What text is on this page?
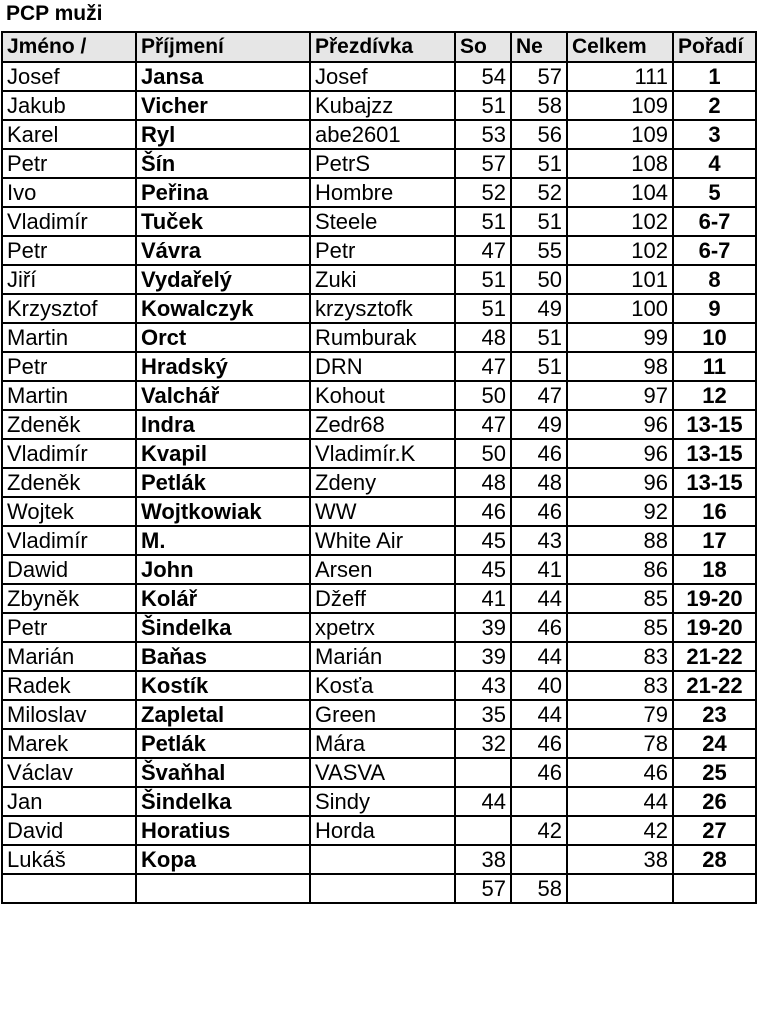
PCP muži
Jméno /	Příjmení	Přezdívka	So	Ne	Celkem	Pořadí
Josef	Jansa	Josef	54	57	111	1
Jakub	Vicher	Kubajzz	51	58	109	2
Karel	Ryl	abe2601	53	56	109	3
Petr	Šín	PetrS	57	51	108	4
Ivo	Peřina	Hombre	52	52	104	5
Vladimír	Tuček	Steele	51	51	102	6-7
Petr	Vávra	Petr	47	55	102	6-7
Jiří	Vydařelý	Zuki	51	50	101	8
Krzysztof	Kowalczyk	krzysztofk	51	49	100	9
Martin	Orct	Rumburak	48	51	99	10
Petr	Hradský	DRN	47	51	98	11
Martin	Valchář	Kohout	50	47	97	12
Zdeněk	Indra	Zedr68	47	49	96	13-15
Vladimír	Kvapil	Vladimír.K	50	46	96	13-15
Zdeněk	Petlák	Zdeny	48	48	96	13-15
Wojtek	Wojtkowiak	WW	46	46	92	16
Vladimír	M.	White Air	45	43	88	17
Dawid	John	Arsen	45	41	86	18
Zbyněk	Kolář	Džeff	41	44	85	19-20
Petr	Šindelka	xpetrx	39	46	85	19-20
Marián	Baňas	Marián	39	44	83	21-22
Radek	Kostík	Kosťa	43	40	83	21-22
Miloslav	Zapletal	Green	35	44	79	23
Marek	Petlák	Mára	32	46	78	24
Václav	Švaňhal	VASVA		46	46	25
Jan	Šindelka	Sindy	44		44	26
David	Horatius	Horda		42	42	27
Lukáš	Kopa		38		38	28
			57	58		
